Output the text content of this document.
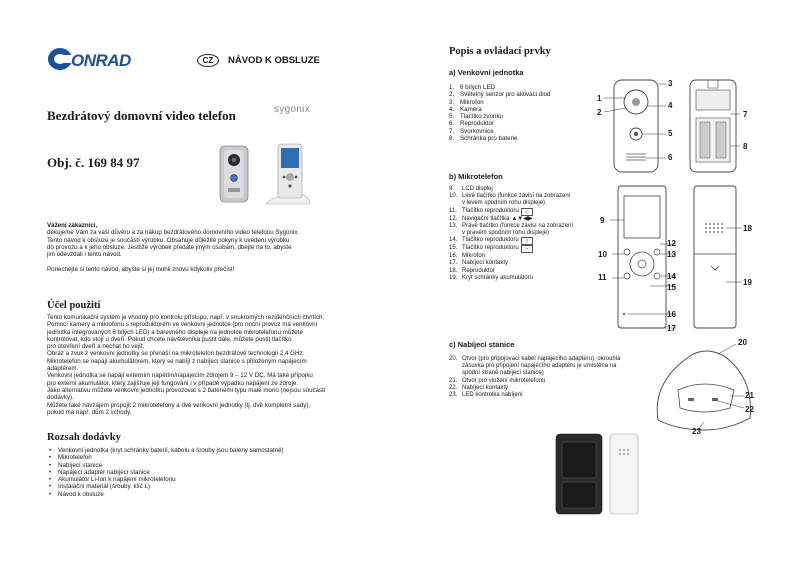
ONRAD	CZ	NÁVOD K OBSLUZE
sygonix
Bezdrátový domovní video telefon
Obj. č. 169 84 97
Vážení zákazníci,
děkujeme Vám za vaši důvěru a za nákup bezdrátového domovního video telefonu Sygonix.
Tento návod k obsluze je součástí výrobku. Obsahuje důležité pokyny k uvedení výrobku
do provozu a k jeho obsluze. Jestliže výrobek předáte jiným osobám, dbejte na to, abyste
jim odevzdali i tento návod.
Ponechejte si tento návod, abyste si jej mohli znovu kdykoliv přečíst!
Účel použití
Tento komunikační systém je vhodný pro kontrolu přístupu, např. v soukromých rezidenčních čtvrtích.
Pomocí kamery a mikrofonu s reproduktorem ve venkovní jednotce (pro noční provoz má venkovní
jednotka integrovaných 6 bílých LED) a barevného displeje na jednotce mikrotelefonu můžete
kontrolovat, kdo stojí u dveří. Pokud chcete návštěvníka pustit dále, můžete pustit tlačítko
pro otevření dveří a nechat ho vejít.
Obraz a zvuk z venkovní jednotky se přenáší na mikrotelefon bezdrátově technologií 2,4 GHz.
Mikrotelefon se napájí akumulátorem, který se nabíjí z nabíjecí stanice s přiloženým napájecím
adaptérem.
Venkovní jednotka se napájí externím napětím/napájecím zdrojem 9 – 12 V DC. Má také přípojku
pro externí akumulátor, který zajišťuje její fungování i v případě výpadku napájení ze zdroje.
Jako alternativu můžete venkovní jednotku provozovat s 2 bateriemi typu malé mono (nejsou součástí
dodávky).
Můžete také navzájem propojit 2 mikrotelefony a dvě venkovní jednotky (tj. dvě kompletní sady),
pokud má např. dům 2 vchody.
Rozsah dodávky
• Venkovní jednotka (kryt schránky baterií, kabelu a šrouby jsou baleny samostatně)
• Mikrotelefon
• Nabíjecí stanice
• Napájecí adaptér nabíjecí stanice
• Akumulátor Li-Ion k napájení mikrotelefonu
• Instalační materiál (šrouby, klíč L)
• Návod k obsluze
Popis a ovládací prvky
a) Venkovní jednotka
1. 6 bílých LED
2. Světelný senzor pro aktivaci diod
3. Mikrofon
4. Kamera
5. Tlačítko zvonku
6. Reproduktor
7. Svorkovnice
8. Schránka pro baterie
1
2
3
4
5
6
7
8
b) Mikrotelefon
9.	LCD displej
10. Levé tlačítko (funkce závisí na zobrazení
v levém spodním rohu displeje)
11. Tlačítko reproduktoru	◁
12. Navigační tlačítka ▲▼◀▶
13. Pravé tlačítko (funkce závisí na zobrazení
v pravém spodním rohu displeje)
14. Tlačítko reproduktoru	▯
15. Tlačítko reproduktoru	⊸
16. Mikrofon
17. Nabíjecí kontakty
18. Reproduktor
19. Kryt schránky akumulátoru
9
10
11
12
13
14
15
16
17
18
19
c) Nabíjecí stanice
20. Otvor (pro připojovací kabel napájecího adaptéru); okrouhlá
zásuvka pro připojení napájecího adaptéru je umístěna na
spodní straně nabíjecí stanice)
21. Otvor pro vložení mikrotelefonu
22. Nabíjecí kontakty
23. LED kontrolka nabíjení
20
21
22
23
